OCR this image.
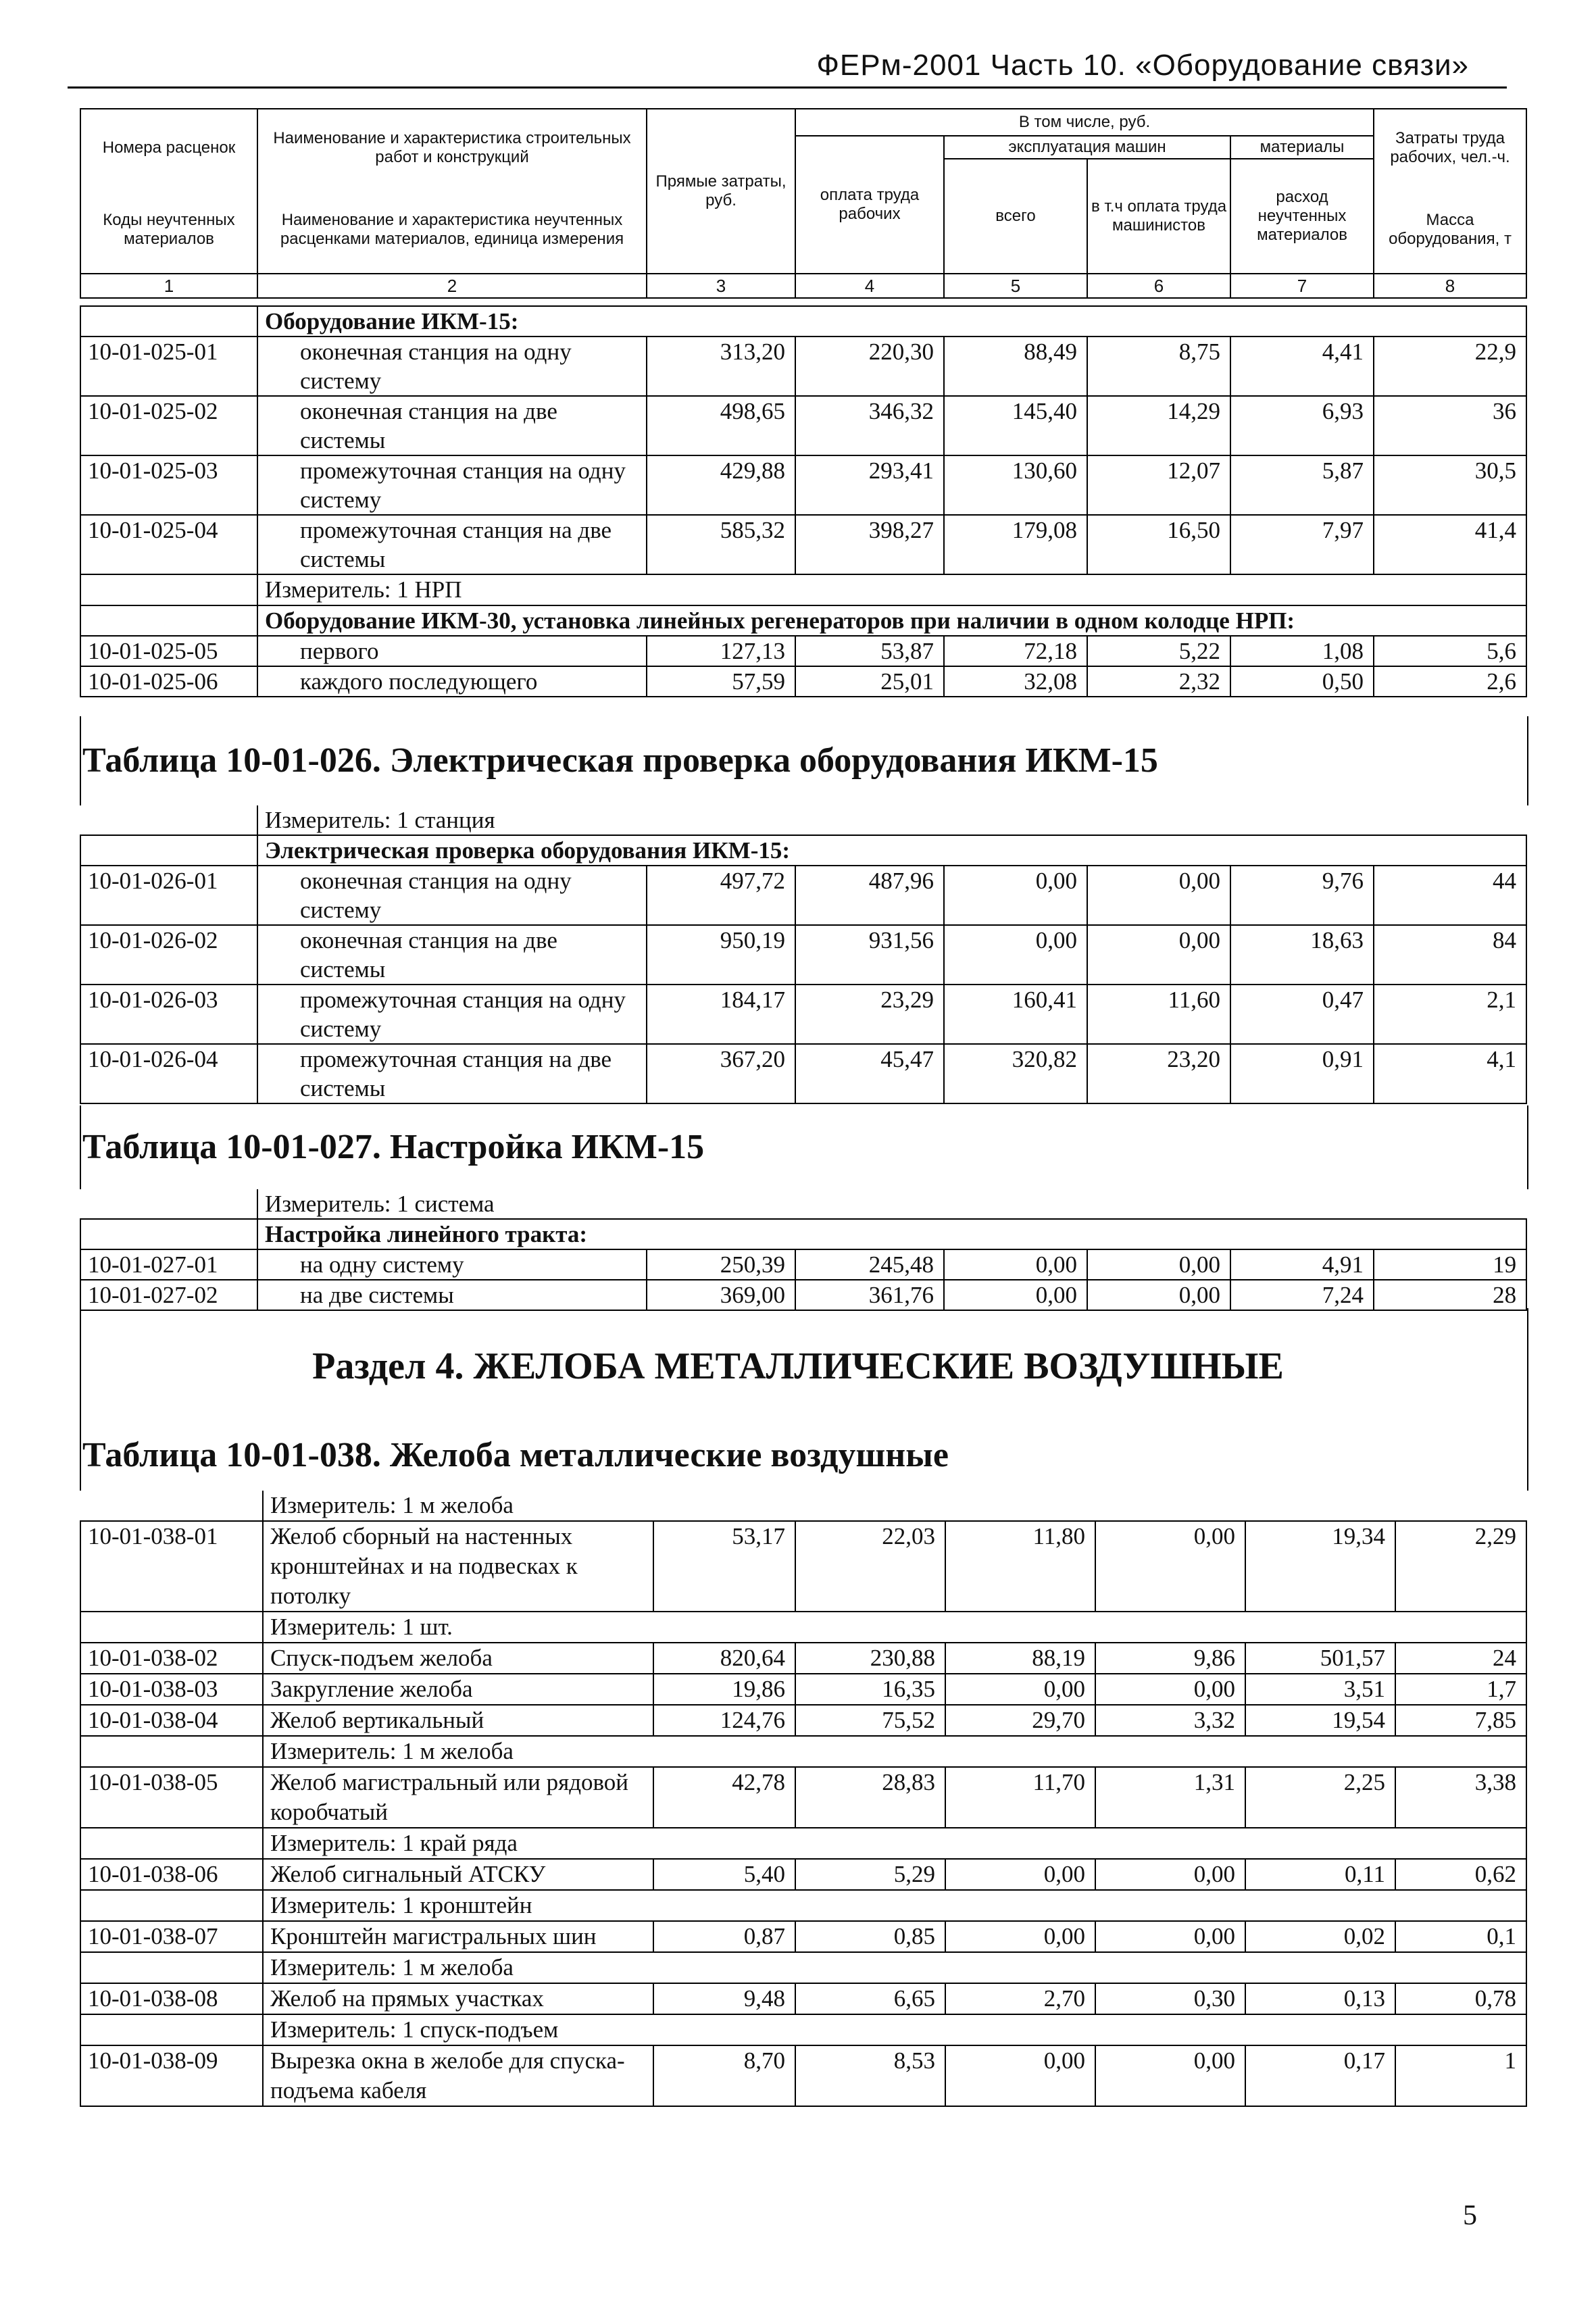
ФЕРм-2001 Часть 10. «Оборудование связи»
Номера расценок	Наименование и характеристика строительных работ и конструкций	Прямые затраты, руб.	В том числе, руб.				Затраты труда рабочих, чел.-ч.
			оплата труда рабочих	эксплуатация машин		материалы	
				всего	в т.ч оплата труда машинистов	расход неучтенных материалов	
Коды неучтенных материалов	Наименование и характеристика неучтенных расценками материалов, единица измерения						Масса оборудования, т

1	2	3	4	5	6	7	8
	Оборудование ИКМ-15:						
10-01-025-01	оконечная станция на одну системy	313,20	220,30	88,49	8,75	4,41	22,9
10-01-025-02	оконечная станция на две системы	498,65	346,32	145,40	14,29	6,93	36
10-01-025-03	промежуточная станция на одну систему	429,88	293,41	130,60	12,07	5,87	30,5
10-01-025-04	промежуточная станция на две системы	585,32	398,27	179,08	16,50	7,97	41,4
	Измеритель: 1 НРП						
	Оборудование ИКМ-30, установка линейных регенераторов при наличии в одном колодце НРП:						
10-01-025-05	первого	127,13	53,87	72,18	5,22	1,08	5,6
10-01-025-06	каждого последующего	57,59	25,01	32,08	2,32	0,50	2,6
Таблица 10-01-026. Электрическая проверка оборудования ИКМ-15
	Измеритель: 1 станция						
	Электрическая проверка оборудования ИКМ-15:						
10-01-026-01	оконечная станция на одну систему	497,72	487,96	0,00	0,00	9,76	44
10-01-026-02	оконечная станция на две системы	950,19	931,56	0,00	0,00	18,63	84
10-01-026-03	промежуточная станция на одну систему	184,17	23,29	160,41	11,60	0,47	2,1
10-01-026-04	промежуточная станция на две системы	367,20	45,47	320,82	23,20	0,91	4,1
Таблица 10-01-027. Настройка ИКМ-15
	Измеритель: 1 система						
	Настройка линейного тракта:						
10-01-027-01	на одну систему	250,39	245,48	0,00	0,00	4,91	19
10-01-027-02	на две системы	369,00	361,76	0,00	0,00	7,24	28
Раздел 4. ЖЕЛОБА МЕТАЛЛИЧЕСКИЕ ВОЗДУШНЫЕ
Таблица 10-01-038. Желоба металлические воздушные
	Измеритель: 1 м желоба						
10-01-038-01	Желоб сборный на настенных кронштейнах и на подвесках к потолку	53,17	22,03	11,80	0,00	19,34	2,29
	Измеритель: 1 шт.						
10-01-038-02	Спуск-подъем желоба	820,64	230,88	88,19	9,86	501,57	24
10-01-038-03	Закругление желоба	19,86	16,35	0,00	0,00	3,51	1,7
10-01-038-04	Желоб вертикальный	124,76	75,52	29,70	3,32	19,54	7,85
	Измеритель: 1 м желоба						
10-01-038-05	Желоб магистральный или рядовой коробчатый	42,78	28,83	11,70	1,31	2,25	3,38
	Измеритель: 1 край ряда						
10-01-038-06	Желоб сигнальный АТСКУ	5,40	5,29	0,00	0,00	0,11	0,62
	Измеритель: 1 кронштейн						
10-01-038-07	Кронштейн магистральных шин	0,87	0,85	0,00	0,00	0,02	0,1
	Измеритель: 1 м желоба						
10-01-038-08	Желоб на прямых участках	9,48	6,65	2,70	0,30	0,13	0,78
	Измеритель: 1 спуск-подъем						
10-01-038-09	Вырезка окна в желобе для спуска-подъема кабеля	8,70	8,53	0,00	0,00	0,17	1
5
